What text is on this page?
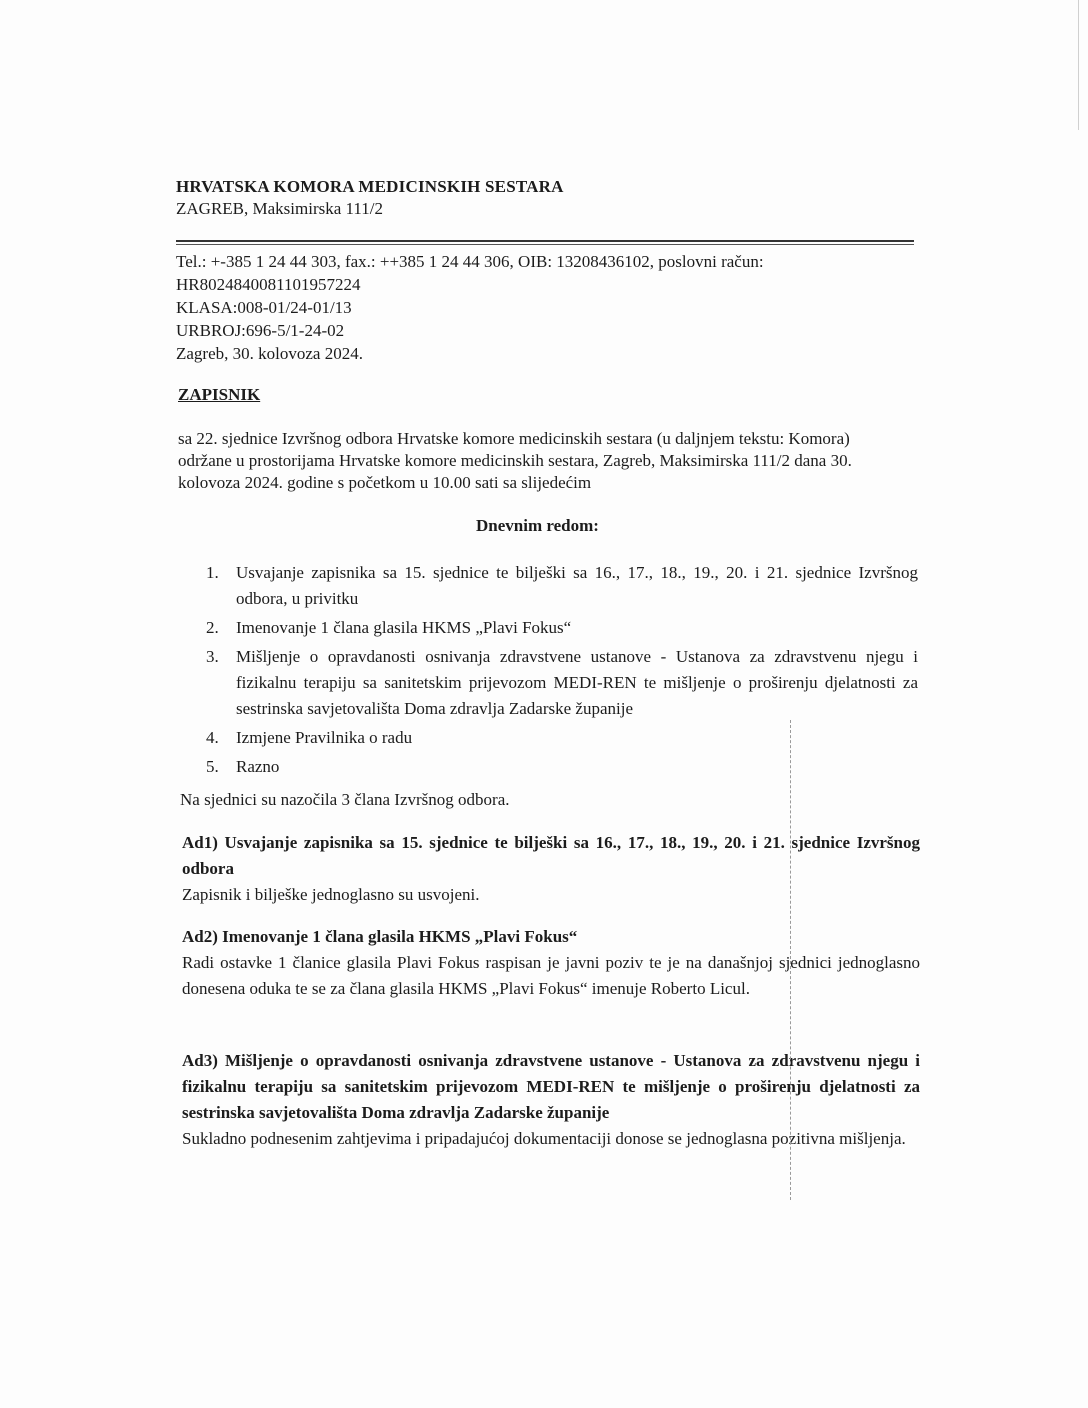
HRVATSKA KOMORA MEDICINSKIH SESTARA
ZAGREB, Maksimirska 111/2
Tel.: +-385 1 24 44 303, fax.: ++385 1 24 44 306, OIB: 13208436102, poslovni račun:
HR8024840081101957224
KLASA:008-01/24-01/13
URBROJ:696-5/1-24-02
Zagreb, 30. kolovoza 2024.
ZAPISNIK
sa 22. sjednice Izvršnog odbora Hrvatske komore medicinskih sestara (u daljnjem tekstu: Komora) održane u prostorijama Hrvatske komore medicinskih sestara, Zagreb, Maksimirska 111/2 dana 30. kolovoza 2024. godine s početkom u 10.00 sati sa slijedećim
Dnevnim redom:
1.	Usvajanje zapisnika sa 15. sjednice te bilješki sa 16., 17., 18., 19., 20. i 21. sjednice Izvršnog odbora, u privitku
2.	Imenovanje 1 člana glasila HKMS „Plavi Fokus“
3.	Mišljenje o opravdanosti osnivanja zdravstvene ustanove - Ustanova za zdravstvenu njegu i fizikalnu terapiju sa sanitetskim prijevozom MEDI-REN te mišljenje o proširenju djelatnosti za sestrinska savjetovališta Doma zdravlja Zadarske županije
4.	Izmjene Pravilnika o radu
5.	Razno
Na sjednici su nazočila 3 člana Izvršnog odbora.
Ad1) Usvajanje zapisnika sa 15. sjednice te bilješki sa 16., 17., 18., 19., 20. i 21. sjednice Izvršnog odbora
Zapisnik i bilješke jednoglasno su usvojeni.
Ad2) Imenovanje 1 člana glasila HKMS „Plavi Fokus“
Radi ostavke 1 članice glasila Plavi Fokus raspisan je javni poziv te je na današnjoj sjednici jednoglasno donesena oduka te se za člana glasila HKMS „Plavi Fokus“ imenuje Roberto Licul.
Ad3) Mišljenje o opravdanosti osnivanja zdravstvene ustanove - Ustanova za zdravstvenu njegu i fizikalnu terapiju sa sanitetskim prijevozom MEDI-REN te mišljenje o proširenju djelatnosti za sestrinska savjetovališta Doma zdravlja Zadarske županije
Sukladno podnesenim zahtjevima i pripadajućoj dokumentaciji donose se jednoglasna pozitivna mišljenja.
